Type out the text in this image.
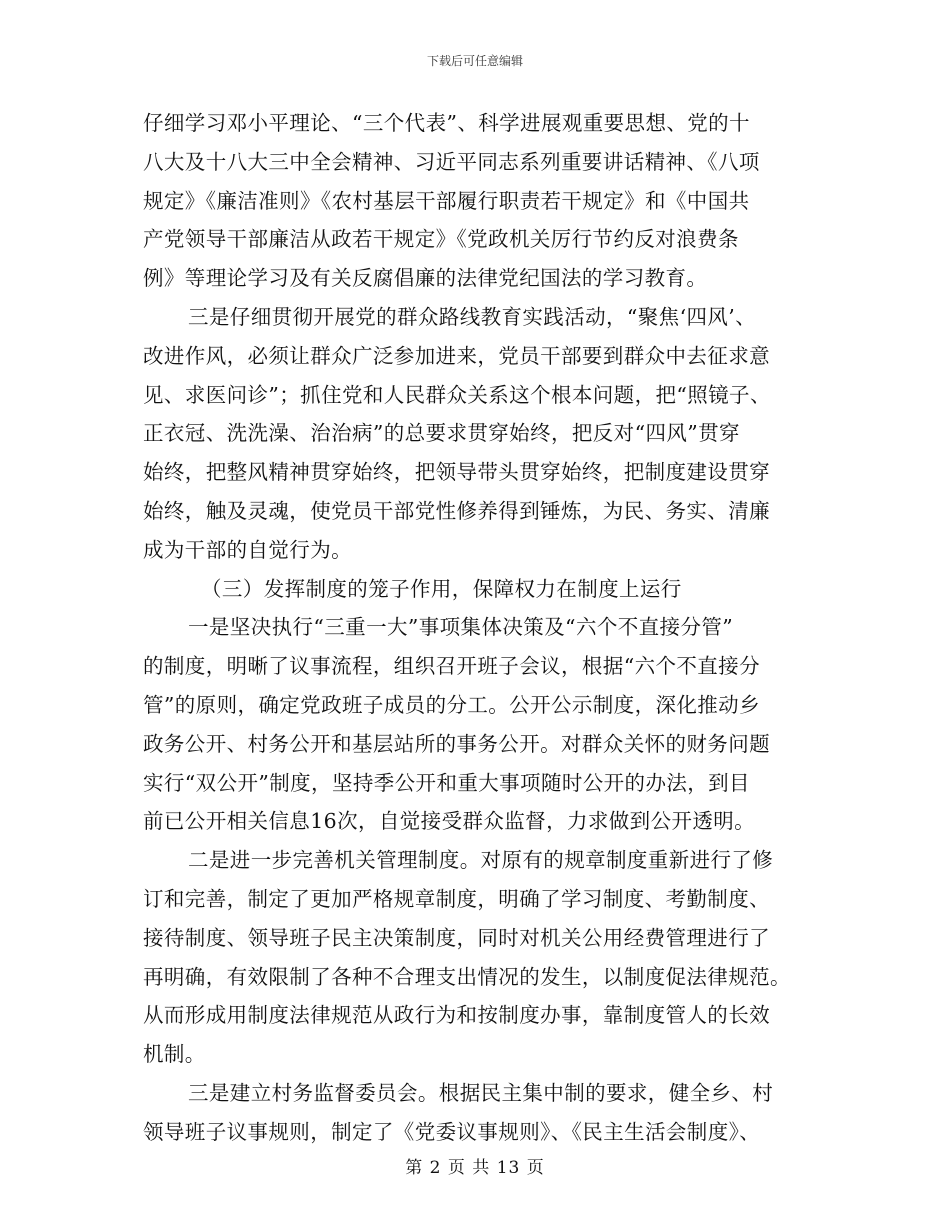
下载后可任意编辑
仔细学习邓小平理论、“三个代表”、科学进展观重要思想、党的十
八大及十八大三中全会精神、习近平同志系列重要讲话精神、《八项
规定》《廉洁准则》《农村基层干部履行职责若干规定》和《中国共
产党领导干部廉洁从政若干规定》《党政机关厉行节约反对浪费条
例》等理论学习及有关反腐倡廉的法律党纪国法的学习教育。
三是仔细贯彻开展党的群众路线教育实践活动，“聚焦‘四风’、
改进作风，必须让群众广泛参加进来，党员干部要到群众中去征求意
见、求医问诊”；抓住党和人民群众关系这个根本问题，把“照镜子、
正衣冠、洗洗澡、治治病”的总要求贯穿始终，把反对“四风”贯穿
始终，把整风精神贯穿始终，把领导带头贯穿始终，把制度建设贯穿
始终，触及灵魂，使党员干部党性修养得到锤炼，为民、务实、清廉
成为干部的自觉行为。
（三）发挥制度的笼子作用，保障权力在制度上运行
一是坚决执行“三重一大”事项集体决策及“六个不直接分管”
的制度，明晰了议事流程，组织召开班子会议，根据“六个不直接分
管”的原则，确定党政班子成员的分工。公开公示制度，深化推动乡
政务公开、村务公开和基层站所的事务公开。对群众关怀的财务问题
实行“双公开”制度，坚持季公开和重大事项随时公开的办法，到目
前已公开相关信息16次，自觉接受群众监督，力求做到公开透明。
二是进一步完善机关管理制度。对原有的规章制度重新进行了修
订和完善，制定了更加严格规章制度，明确了学习制度、考勤制度、
接待制度、领导班子民主决策制度，同时对机关公用经费管理进行了
再明确，有效限制了各种不合理支出情况的发生，以制度促法律规范。
从而形成用制度法律规范从政行为和按制度办事，靠制度管人的长效
机制。
三是建立村务监督委员会。根据民主集中制的要求，健全乡、村
领导班子议事规则，制定了《党委议事规则》、《民主生活会制度》、
第 2 页 共 13 页
